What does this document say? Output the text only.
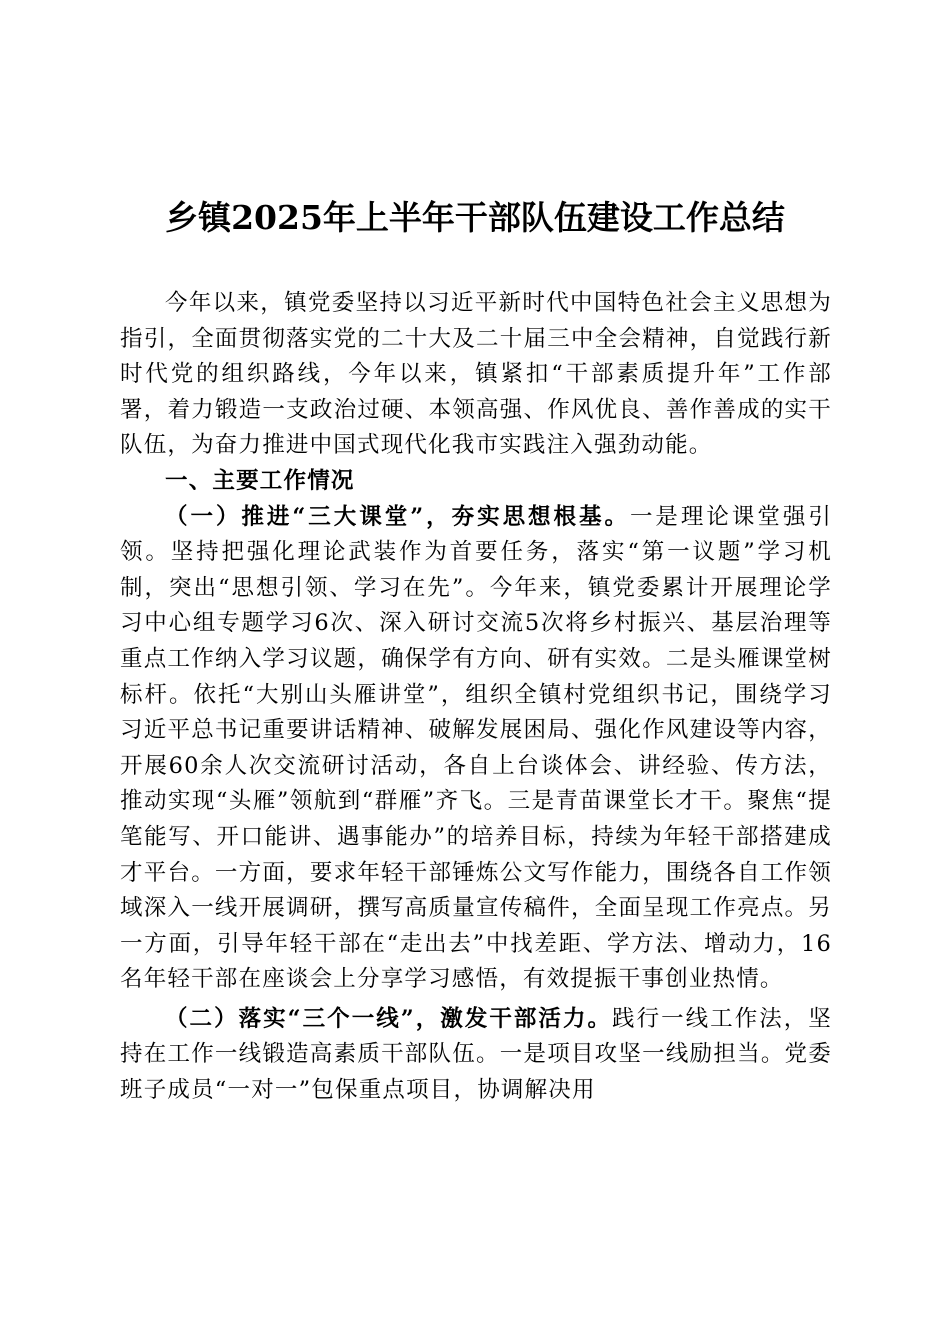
乡镇2025年上半年干部队伍建设工作总结

今年以来，镇党委坚持以习近平新时代中国特色社会主义思想为指引，全面贯彻落实党的二十大及二十届三中全会精神，自觉践行新时代党的组织路线，今年以来，镇紧扣“干部素质提升年”工作部署，着力锻造一支政治过硬、本领高强、作风优良、善作善成的实干队伍，为奋力推进中国式现代化我市实践注入强劲动能。

一、主要工作情况

（一）推进“三大课堂”，夯实思想根基。一是理论课堂强引领。坚持把强化理论武装作为首要任务，落实“第一议题”学习机制，突出“思想引领、学习在先”。今年来，镇党委累计开展理论学习中心组专题学习6次、深入研讨交流5次将乡村振兴、基层治理等重点工作纳入学习议题，确保学有方向、研有实效。二是头雁课堂树标杆。依托“大别山头雁讲堂”，组织全镇村党组织书记，围绕学习习近平总书记重要讲话精神、破解发展困局、强化作风建设等内容，开展60余人次交流研讨活动，各自上台谈体会、讲经验、传方法，推动实现“头雁”领航到“群雁”齐飞。三是青苗课堂长才干。聚焦“提笔能写、开口能讲、遇事能办”的培养目标，持续为年轻干部搭建成才平台。一方面，要求年轻干部锤炼公文写作能力，围绕各自工作领域深入一线开展调研，撰写高质量宣传稿件，全面呈现工作亮点。另一方面，引导年轻干部在“走出去”中找差距、学方法、增动力，16名年轻干部在座谈会上分享学习感悟，有效提振干事创业热情。

（二）落实“三个一线”，激发干部活力。践行一线工作法，坚持在工作一线锻造高素质干部队伍。一是项目攻坚一线励担当。党委班子成员“一对一”包保重点项目，协调解决用
